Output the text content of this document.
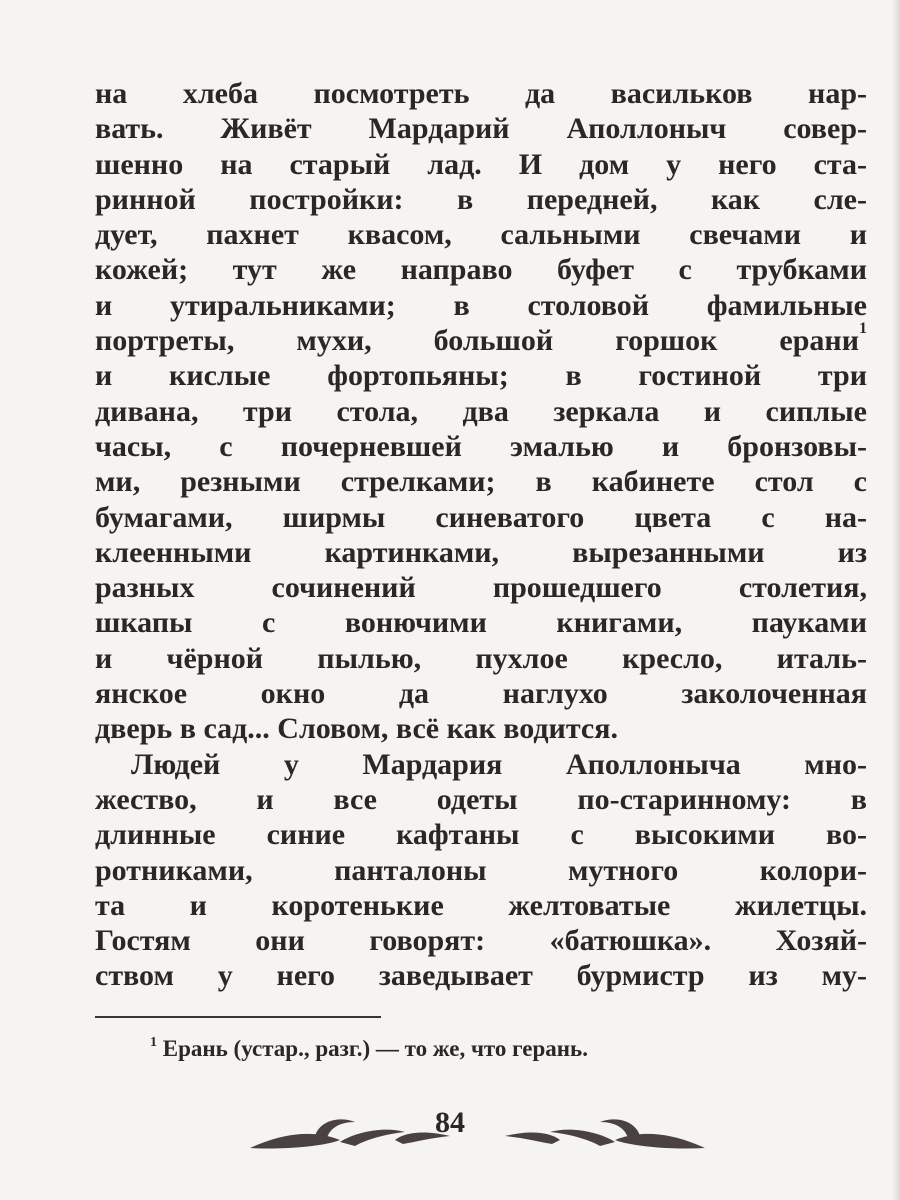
на хлеба посмотреть да васильков нар-
вать. Живёт Мардарий Аполлоныч совер-
шенно на старый лад. И дом у него ста-
ринной постройки: в передней, как сле-
дует, пахнет квасом, сальными свечами и
кожей; тут же направо буфет с трубками
и утиральниками; в столовой фамильные
портреты, мухи, большой горшок ерани$^1$
и кислые фортопьяны; в гостиной три
дивана, три стола, два зеркала и сиплые
часы, с почерневшей эмалью и бронзовы-
ми, резными стрелками; в кабинете стол с
бумагами, ширмы синеватого цвета с на-
клеенными картинками, вырезанными из
разных сочинений прошедшего столетия,
шкапы с вонючими книгами, пауками
и чёрной пылью, пухлое кресло, италь-
янское окно да наглухо заколоченная
дверь в сад... Словом, всё как водится.
Людей у Мардария Аполлоныча мно-
жество, и все одеты по-старинному: в
длинные синие кафтаны с высокими во-
ротниками, панталоны мутного колори-
та и коротенькие желтоватые жилетцы.
Гостям они говорят: «батюшка». Хозяй-
ством у него заведывает бурмистр из му-
$^1$ Ерань (устар., разг.) — то же, что герань.
84
